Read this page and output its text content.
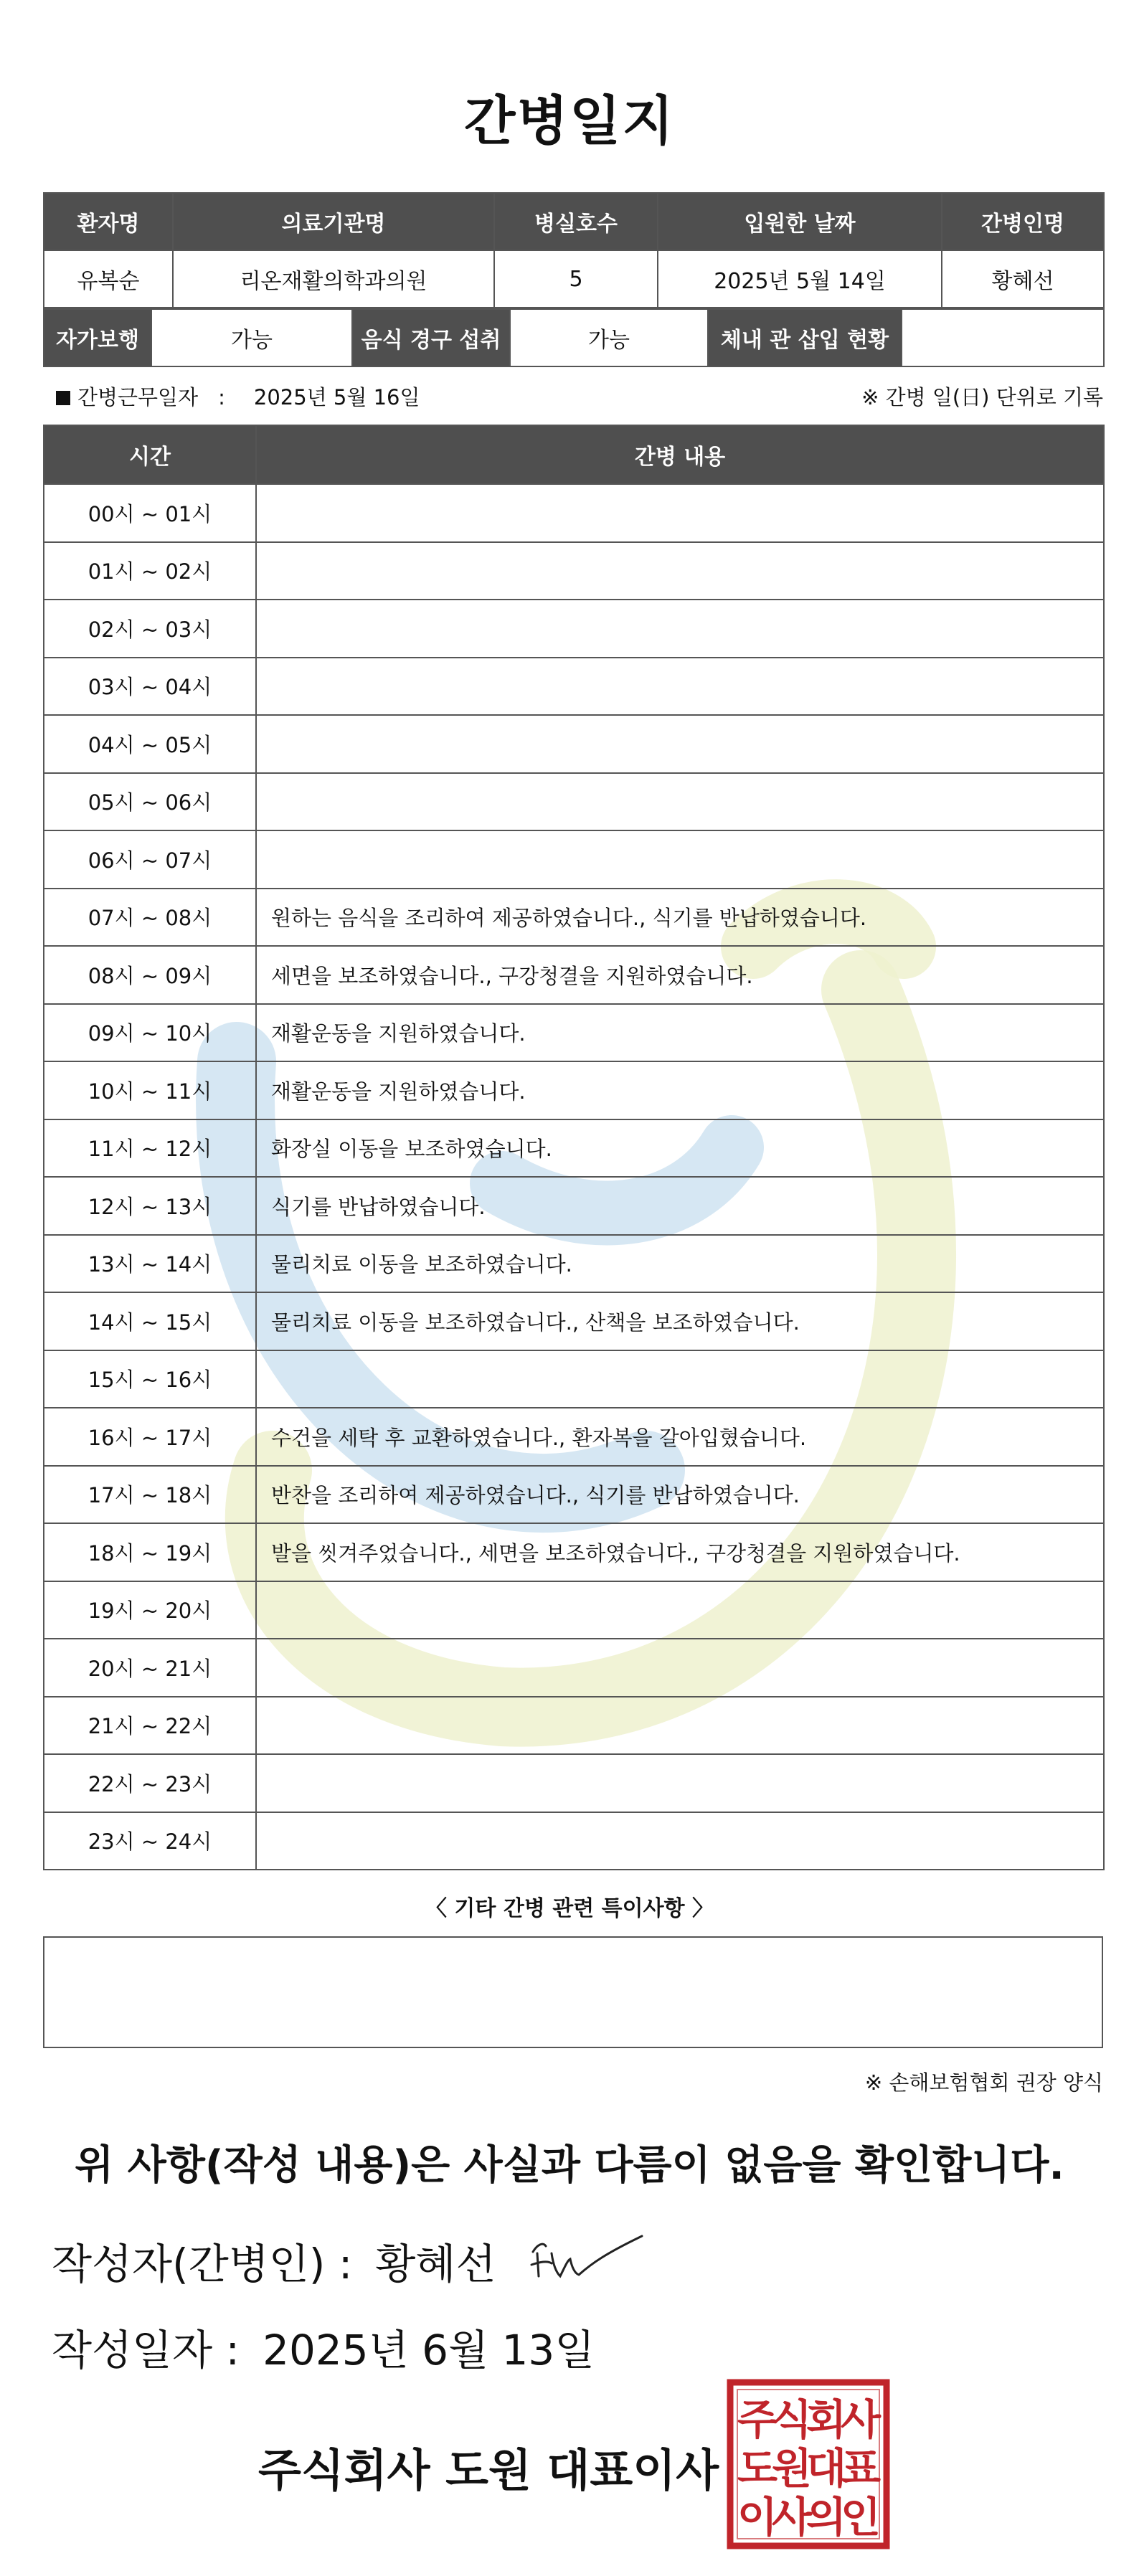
간병일지
환자명	의료기관명	병실호수	입원한 날짜	간병인명
유복순	리온재활의학과의원	5	2025년 5월 14일	황혜선
자가보행	가능	음식 경구 섭취	가능	체내 관 삽입 현황	
간병근무일자 : 2025년 5월 16일	※ 간병 일(日) 단위로 기록
시간	간병 내용
00시 ~ 01시	
01시 ~ 02시	
02시 ~ 03시	
03시 ~ 04시	
04시 ~ 05시	
05시 ~ 06시	
06시 ~ 07시	
07시 ~ 08시	원하는 음식을 조리하여 제공하였습니다., 식기를 반납하였습니다.
08시 ~ 09시	세면을 보조하였습니다., 구강청결을 지원하였습니다.
09시 ~ 10시	재활운동을 지원하였습니다.
10시 ~ 11시	재활운동을 지원하였습니다.
11시 ~ 12시	화장실 이동을 보조하였습니다.
12시 ~ 13시	식기를 반납하였습니다.
13시 ~ 14시	물리치료 이동을 보조하였습니다.
14시 ~ 15시	물리치료 이동을 보조하였습니다., 산책을 보조하였습니다.
15시 ~ 16시	
16시 ~ 17시	수건을 세탁 후 교환하였습니다., 환자복을 갈아입혔습니다.
17시 ~ 18시	반찬을 조리하여 제공하였습니다., 식기를 반납하였습니다.
18시 ~ 19시	발을 씻겨주었습니다., 세면을 보조하였습니다., 구강청결을 지원하였습니다.
19시 ~ 20시	
20시 ~ 21시	
21시 ~ 22시	
22시 ~ 23시	
23시 ~ 24시	
〈 기타 간병 관련 특이사항 〉
※ 손해보험협회 권장 양식
위 사항(작성 내용)은 사실과 다름이 없음을 확인합니다.
작성자(간병인) : 황혜선
작성일자 : 2025년 6월 13일
주식회사 도원 대표이사
주
식
회
사
도
원
대
표
이
사
의
인
